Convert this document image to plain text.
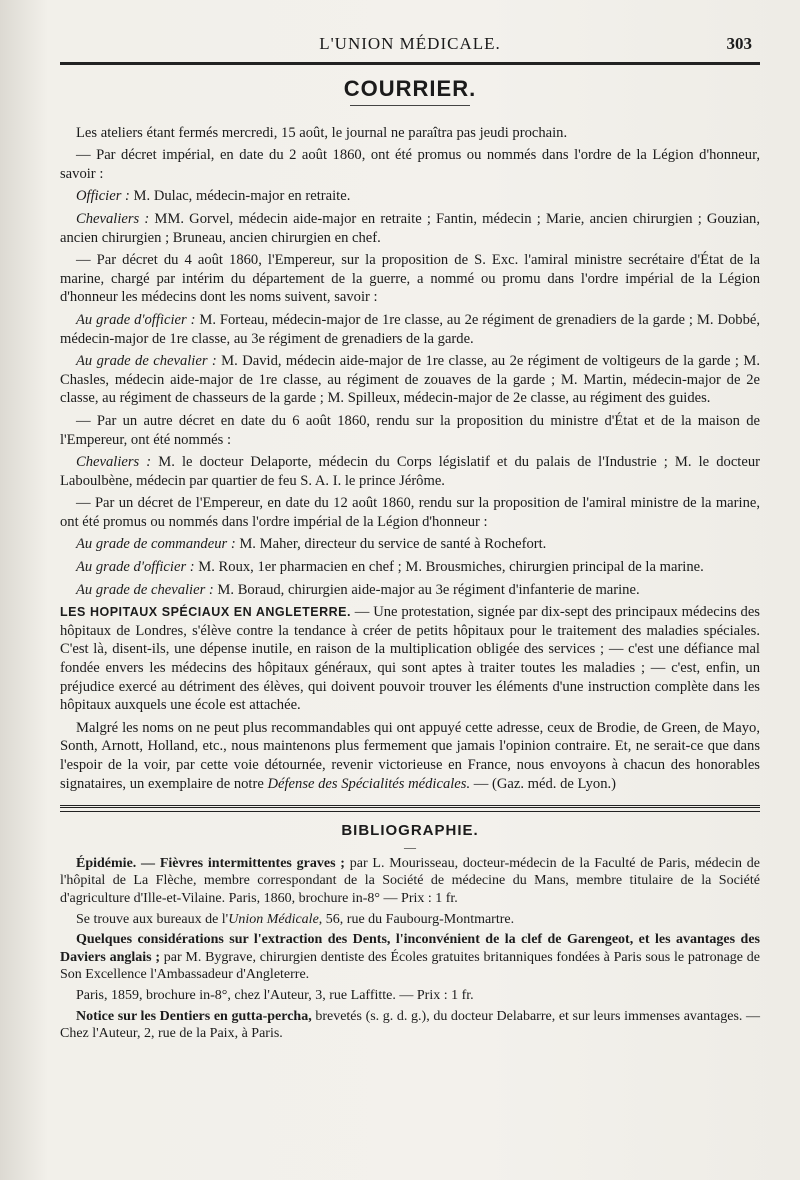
L'UNION MÉDICALE.	303
COURRIER.

Les ateliers étant fermés mercredi, 15 août, le journal ne paraîtra pas jeudi prochain.

— Par décret impérial, en date du 2 août 1860, ont été promus ou nommés dans l'ordre de la Légion d'honneur, savoir :

Officier : M. Dulac, médecin-major en retraite.

Chevaliers : MM. Gorvel, médecin aide-major en retraite ; Fantin, médecin ; Marie, ancien chirurgien ; Gouzian, ancien chirurgien ; Bruneau, ancien chirurgien en chef.

— Par décret du 4 août 1860, l'Empereur, sur la proposition de S. Exc. l'amiral ministre secrétaire d'État de la marine, chargé par intérim du département de la guerre, a nommé ou promu dans l'ordre impérial de la Légion d'honneur les médecins dont les noms suivent, savoir :

Au grade d'officier : M. Forteau, médecin-major de 1re classe, au 2e régiment de grenadiers de la garde ; M. Dobbé, médecin-major de 1re classe, au 3e régiment de grenadiers de la garde.

Au grade de chevalier : M. David, médecin aide-major de 1re classe, au 2e régiment de voltigeurs de la garde ; M. Chasles, médecin aide-major de 1re classe, au régiment de zouaves de la garde ; M. Martin, médecin-major de 2e classe, au régiment de chasseurs de la garde ; M. Spilleux, médecin-major de 2e classe, au régiment des guides.

— Par un autre décret en date du 6 août 1860, rendu sur la proposition du ministre d'État et de la maison de l'Empereur, ont été nommés :

Chevaliers : M. le docteur Delaporte, médecin du Corps législatif et du palais de l'Industrie ; M. le docteur Laboulbène, médecin par quartier de feu S. A. I. le prince Jérôme.

— Par un décret de l'Empereur, en date du 12 août 1860, rendu sur la proposition de l'amiral ministre de la marine, ont été promus ou nommés dans l'ordre impérial de la Légion d'honneur :

Au grade de commandeur : M. Maher, directeur du service de santé à Rochefort.

Au grade d'officier : M. Roux, 1er pharmacien en chef ; M. Brousmiches, chirurgien principal de la marine.

Au grade de chevalier : M. Boraud, chirurgien aide-major au 3e régiment d'infanterie de marine.

LES HOPITAUX SPÉCIAUX EN ANGLETERRE. — Une protestation, signée par dix-sept des principaux médecins des hôpitaux de Londres, s'élève contre la tendance à créer de petits hôpitaux pour le traitement des maladies spéciales. C'est là, disent-ils, une dépense inutile, en raison de la multiplication obligée des services ; — c'est une défiance mal fondée envers les médecins des hôpitaux généraux, qui sont aptes à traiter toutes les maladies ; — c'est, enfin, un préjudice exercé au détriment des élèves, qui doivent pouvoir trouver les éléments d'une instruction complète dans les hôpitaux auxquels une école est attachée.

Malgré les noms on ne peut plus recommandables qui ont appuyé cette adresse, ceux de Brodie, de Green, de Mayo, Sonth, Arnott, Holland, etc., nous maintenons plus fermement que jamais l'opinion contraire. Et, ne serait-ce que dans l'espoir de la voir, par cette voie détournée, revenir victorieuse en France, nous envoyons à chacun des honorables signataires, un exemplaire de notre Défense des Spécialités médicales. — (Gaz. méd. de Lyon.)

BIBLIOGRAPHIE.
—

Épidémie. — Fièvres intermittentes graves ; par L. Mourisseau, docteur-médecin de la Faculté de Paris, médecin de l'hôpital de La Flèche, membre correspondant de la Société de médecine du Mans, membre titulaire de la Société d'agriculture d'Ille-et-Vilaine. Paris, 1860, brochure in-8° — Prix : 1 fr.

Se trouve aux bureaux de l'Union Médicale, 56, rue du Faubourg-Montmartre.

Quelques considérations sur l'extraction des Dents, l'inconvénient de la clef de Garengeot, et les avantages des Daviers anglais ; par M. Bygrave, chirurgien dentiste des Écoles gratuites britanniques fondées à Paris sous le patronage de Son Excellence l'Ambassadeur d'Angleterre.

Paris, 1859, brochure in-8°, chez l'Auteur, 3, rue Laffitte. — Prix : 1 fr.

Notice sur les Dentiers en gutta-percha, brevetés (s. g. d. g.), du docteur Delabarre, et sur leurs immenses avantages. — Chez l'Auteur, 2, rue de la Paix, à Paris.
